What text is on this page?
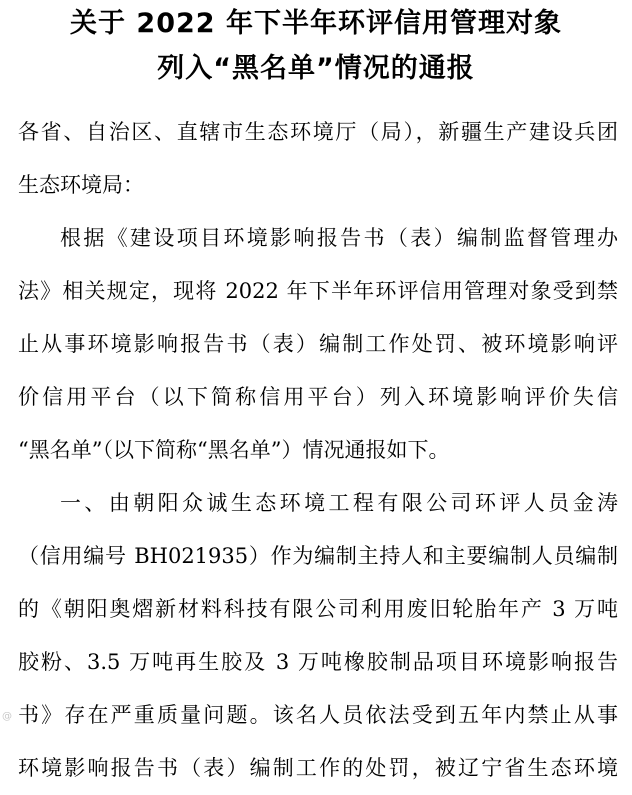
关于 2022 年下半年环评信用管理对象
列入“黑名单”情况的通报
各省、自治区、直辖市生态环境厅（局），新疆生产建设兵团
生态环境局：
根据《建设项目环境影响报告书（表）编制监督管理办
法》相关规定，现将 2022 年下半年环评信用管理对象受到禁
止从事环境影响报告书（表）编制工作处罚、被环境影响评
价信用平台（以下简称信用平台）列入环境影响评价失信
“黑名单”（以下简称“黑名单”）情况通报如下。
一、由朝阳众诚生态环境工程有限公司环评人员金涛
（信用编号 BH021935）作为编制主持人和主要编制人员编制
的《朝阳奥熠新材料科技有限公司利用废旧轮胎年产 3 万吨
胶粉、3.5 万吨再生胶及 3 万吨橡胶制品项目环境影响报告
书》存在严重质量问题。该名人员依法受到五年内禁止从事
环境影响报告书（表）编制工作的处罚，被辽宁省生态环境
@
